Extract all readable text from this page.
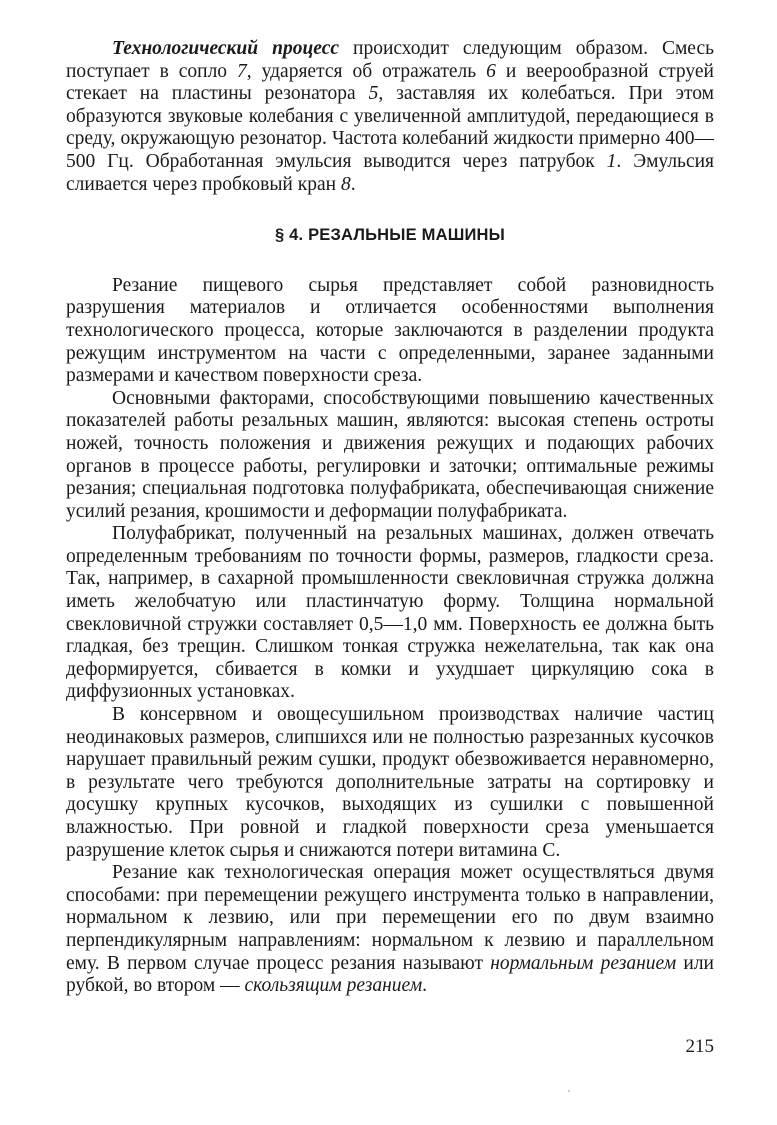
Технологический процесс происходит следующим образом. Смесь поступает в сопло 7, ударяется об отражатель 6 и веерообразной струей стекает на пластины резонатора 5, заставляя их колебаться. При этом образуются звуковые колебания с увеличенной амплитудой, передающиеся в среду, окружающую резонатор. Частота колебаний жидкости примерно 400—500 Гц. Обработанная эмульсия выводится через патрубок 1. Эмульсия сливается через пробковый кран 8.

§ 4. РЕЗАЛЬНЫЕ МАШИНЫ

Резание пищевого сырья представляет собой разновидность разрушения материалов и отличается особенностями выполнения технологического процесса, которые заключаются в разделении продукта режущим инструментом на части с определенными, заранее заданными размерами и качеством поверхности среза.

Основными факторами, способствующими повышению качественных показателей работы резальных машин, являются: высокая степень остроты ножей, точность положения и движения режущих и подающих рабочих органов в процессе работы, регулировки и заточки; оптимальные режимы резания; специальная подготовка полуфабриката, обеспечивающая снижение усилий резания, крошимости и деформации полуфабриката.

Полуфабрикат, полученный на резальных машинах, должен отвечать определенным требованиям по точности формы, размеров, гладкости среза. Так, например, в сахарной промышленности свекловичная стружка должна иметь желобчатую или пластинчатую форму. Толщина нормальной свекловичной стружки составляет 0,5—1,0 мм. Поверхность ее должна быть гладкая, без трещин. Слишком тонкая стружка нежелательна, так как она деформируется, сбивается в комки и ухудшает циркуляцию сока в диффузионных установках.

В консервном и овощесушильном производствах наличие частиц неодинаковых размеров, слипшихся или не полностью разрезанных кусочков нарушает правильный режим сушки, продукт обезвоживается неравномерно, в результате чего требуются дополнительные затраты на сортировку и досушку крупных кусочков, выходящих из сушилки с повышенной влажностью. При ровной и гладкой поверхности среза уменьшается разрушение клеток сырья и снижаются потери витамина С.

Резание как технологическая операция может осуществляться двумя способами: при перемещении режущего инструмента только в направлении, нормальном к лезвию, или при перемещении его по двум взаимно перпендикулярным направлениям: нормальном к лезвию и параллельном ему. В первом случае процесс резания называют нормальным резанием или рубкой, во втором — скользящим резанием.

215
